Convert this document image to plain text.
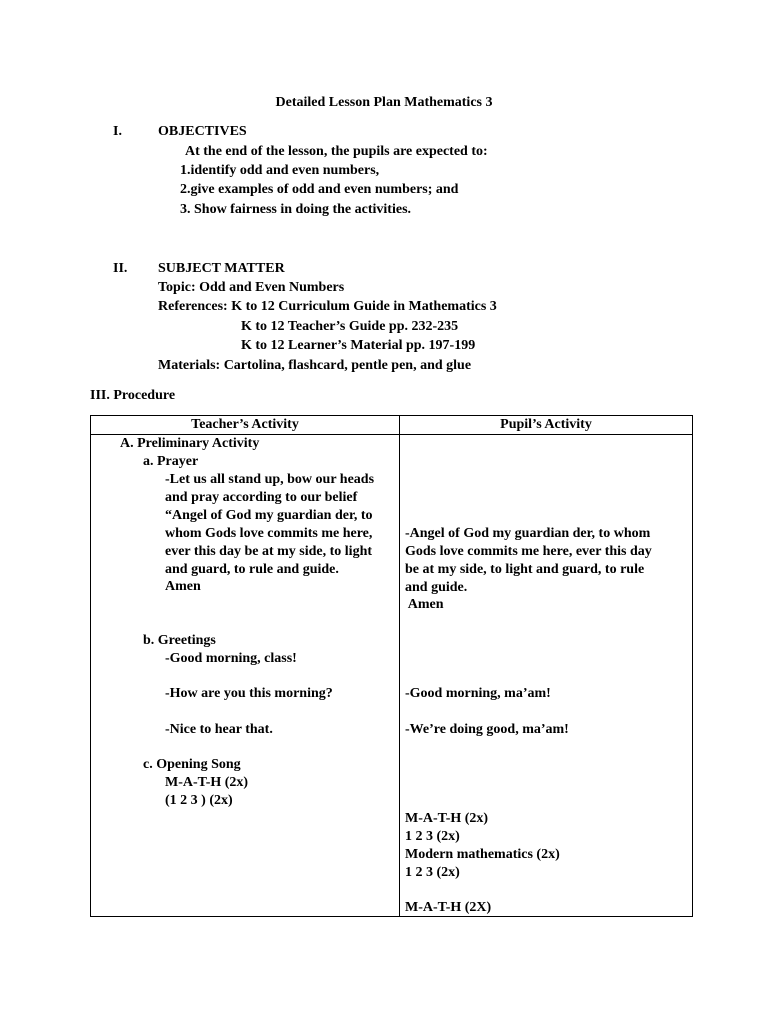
Detailed Lesson Plan Mathematics 3
I.	OBJECTIVES
At the end of the lesson, the pupils are expected to:
1.identify odd and even numbers,
2.give examples of odd and even numbers; and
3. Show fairness in doing the activities.
II. SUBJECT MATTER
Topic: Odd and Even Numbers
References: K to 12 Curriculum Guide in Mathematics 3
K to 12 Teacher’s Guide pp. 232-235
K to 12 Learner’s Material pp. 197-199
Materials: Cartolina, flashcard, pentle pen, and glue
III. Procedure
Teacher’s Activity	Pupil’s Activity
A. Preliminary Activity
a. Prayer
-Let us all stand up, bow our heads
and pray according to our belief
“Angel of God my guardian der, to
whom Gods love commits me here,
ever this day be at my side, to light
and guard, to rule and guide.
Amen
b. Greetings
-Good morning, class!
-How are you this morning?
-Nice to hear that.
c. Opening Song
M-A-T-H (2x)
(1 2 3 ) (2x)
-Angel of God my guardian der, to whom
Gods love commits me here, ever this day
be at my side, to light and guard, to rule
and guide.
Amen
-Good morning, ma’am!
-We’re doing good, ma’am!
M-A-T-H (2x)
1 2 3 (2x)
Modern mathematics (2x)
1 2 3 (2x)
M-A-T-H (2X)
